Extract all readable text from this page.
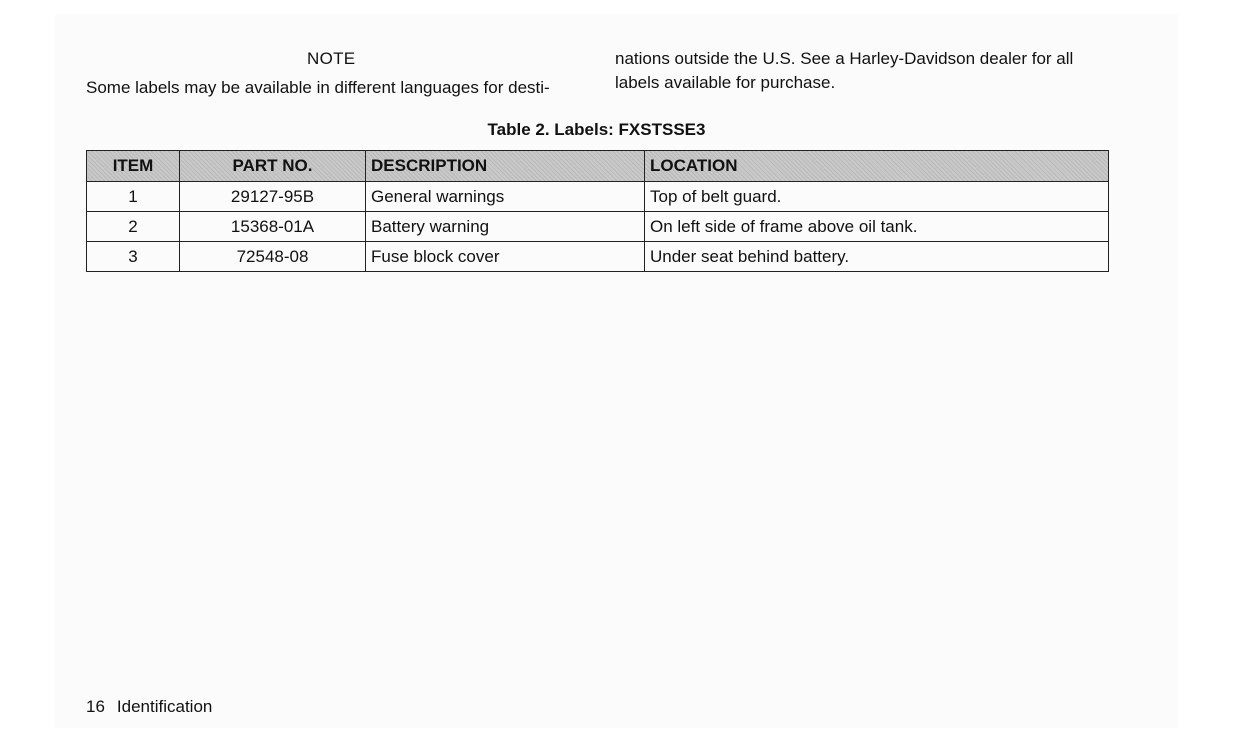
NOTE
Some labels may be available in different languages for desti-
nations outside the U.S. See a Harley-Davidson dealer for all labels available for purchase.
Table 2. Labels: FXSTSSE3
ITEM	PART NO.	DESCRIPTION	LOCATION
1	29127-95B	General warnings	Top of belt guard.
2	15368-01A	Battery warning	On left side of frame above oil tank.
3	72548-08	Fuse block cover	Under seat behind battery.
16 Identification
